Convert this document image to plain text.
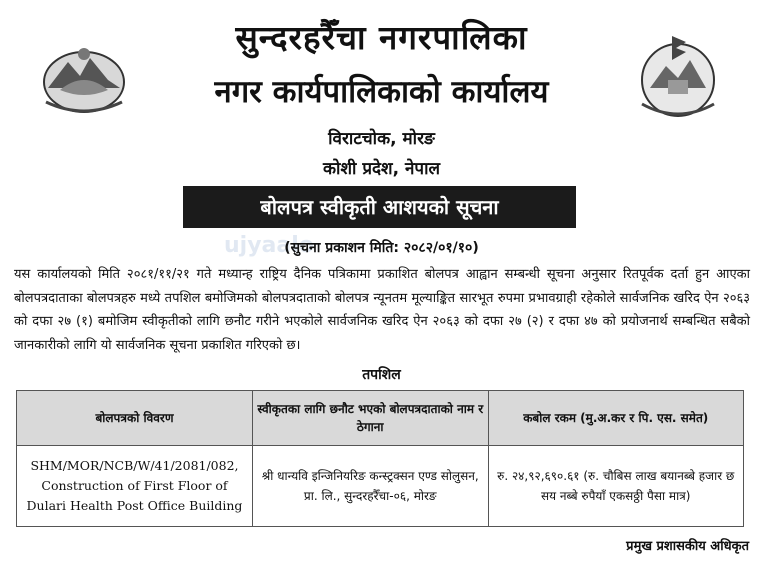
सुन्दरहरैँचा नगरपालिका
नगर कार्यपालिकाको कार्यालय
विराटचोक, मोरङ
कोशी प्रदेश, नेपाल
बोलपत्र स्वीकृती आशयको सूचना
ujyaalo
(सुचना प्रकाशन मिति: २०८२/०१/१०)
यस कार्यालयको मिति २०८१/११/२१ गते मध्यान्ह राष्ट्रिय दैनिक पत्रिकामा प्रकाशित बोलपत्र आह्वान सम्बन्धी सूचना अनुसार रितपूर्वक दर्ता हुन आएका बोलपत्रदाताका बोलपत्रहरु मध्ये तपशिल बमोजिमको बोलपत्रदाताको बोलपत्र न्यूनतम मूल्याङ्कित सारभूत रुपमा प्रभावग्राही रहेकोले सार्वजनिक खरिद ऐन २०६३ को दफा २७ (१) बमोजिम स्वीकृतीको लागि छनौट गरीने भएकोले सार्वजनिक खरिद ऐन २०६३ को दफा २७ (२) र दफा ४७ को प्रयोजनार्थ सम्बन्धित सबैको जानकारीको लागि यो सार्वजनिक सूचना प्रकाशित गरिएको छ।
तपशिल
बोलपत्रको विवरण	स्वीकृतका लागि छनौट भएको बोलपत्रदाताको नाम र ठेगाना	कबोल रकम (मु.अ.कर र पि. एस. समेत)
SHM/MOR/NCB/W/41/2081/082, Construction of First Floor of Dulari Health Post Office Building	श्री धान्यवि इन्जिनियरिङ कन्स्ट्रक्सन एण्ड सोलुसन, प्रा. लि., सुन्दरहरैँचा-०६, मोरङ	रु. २४,९२,६९०.६१ (रु. चौबिस लाख बयानब्बे हजार छ सय नब्बे रुपैयाँ एकसठ्ठी पैसा मात्र)
प्रमुख प्रशासकीय अधिकृत
